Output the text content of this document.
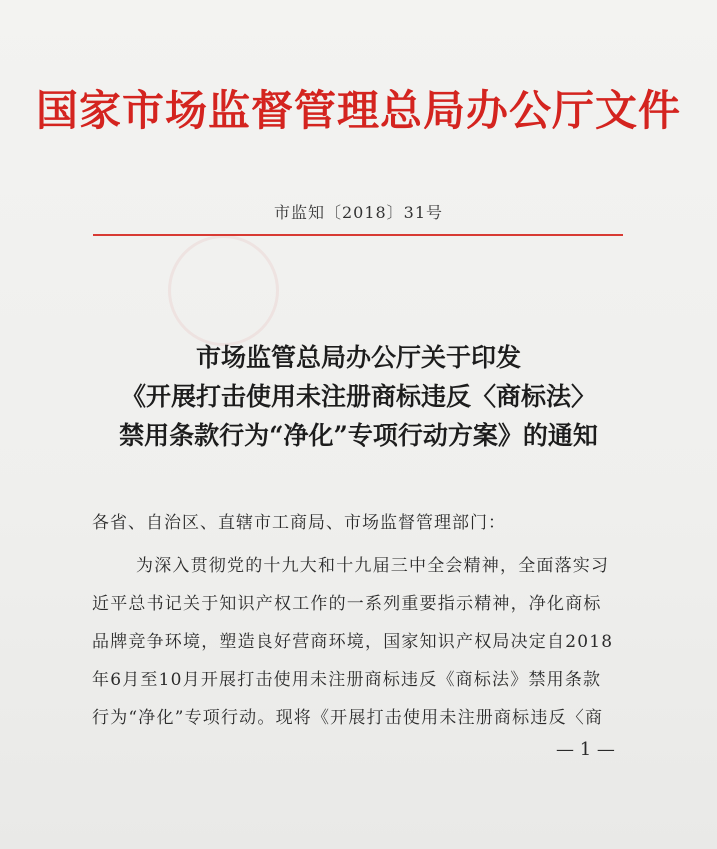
国家市场监督管理总局办公厅文件
市监知〔2018〕31号
市场监管总局办公厅关于印发
《开展打击使用未注册商标违反〈商标法〉
禁用条款行为“净化”专项行动方案》的通知
各省、自治区、直辖市工商局、市场监督管理部门：
为深入贯彻党的十九大和十九届三中全会精神，全面落实习
近平总书记关于知识产权工作的一系列重要指示精神，净化商标
品牌竞争环境，塑造良好营商环境，国家知识产权局决定自2018
年6月至10月开展打击使用未注册商标违反《商标法》禁用条款
行为“净化”专项行动。现将《开展打击使用未注册商标违反〈商
— 1 —
